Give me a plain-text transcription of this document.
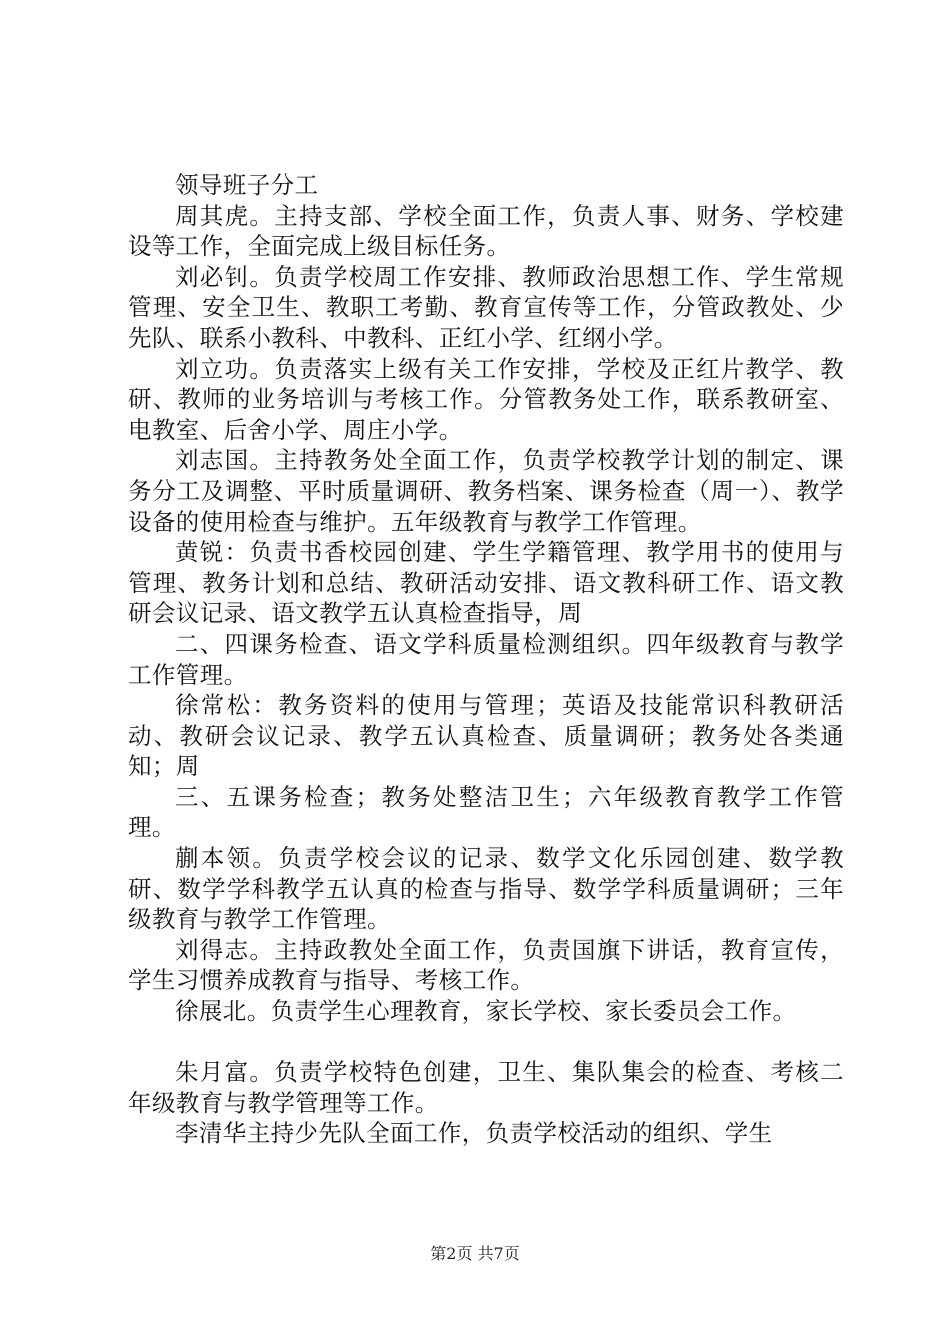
领导班子分工

周其虎。主持支部、学校全面工作，负责人事、财务、学校建设等工作，全面完成上级目标任务。

刘必钊。负责学校周工作安排、教师政治思想工作、学生常规管理、安全卫生、教职工考勤、教育宣传等工作，分管政教处、少先队、联系小教科、中教科、正红小学、红纲小学。

刘立功。负责落实上级有关工作安排，学校及正红片教学、教研、教师的业务培训与考核工作。分管教务处工作，联系教研室、电教室、后舍小学、周庄小学。

刘志国。主持教务处全面工作，负责学校教学计划的制定、课务分工及调整、平时质量调研、教务档案、课务检查（周一）、教学设备的使用检查与维护。五年级教育与教学工作管理。

黄锐：负责书香校园创建、学生学籍管理、教学用书的使用与管理、教务计划和总结、教研活动安排、语文教科研工作、语文教研会议记录、语文教学五认真检查指导，周

二、四课务检查、语文学科质量检测组织。四年级教育与教学工作管理。

徐常松：教务资料的使用与管理；英语及技能常识科教研活动、教研会议记录、教学五认真检查、质量调研；教务处各类通知；周

三、五课务检查；教务处整洁卫生；六年级教育教学工作管理。

蒯本领。负责学校会议的记录、数学文化乐园创建、数学教研、数学学科教学五认真的检查与指导、数学学科质量调研；三年级教育与教学工作管理。

刘得志。主持政教处全面工作，负责国旗下讲话，教育宣传，学生习惯养成教育与指导、考核工作。

徐展北。负责学生心理教育，家长学校、家长委员会工作。

朱月富。负责学校特色创建，卫生、集队集会的检查、考核二年级教育与教学管理等工作。

李清华主持少先队全面工作，负责学校活动的组织、学生

第2页 共7页
